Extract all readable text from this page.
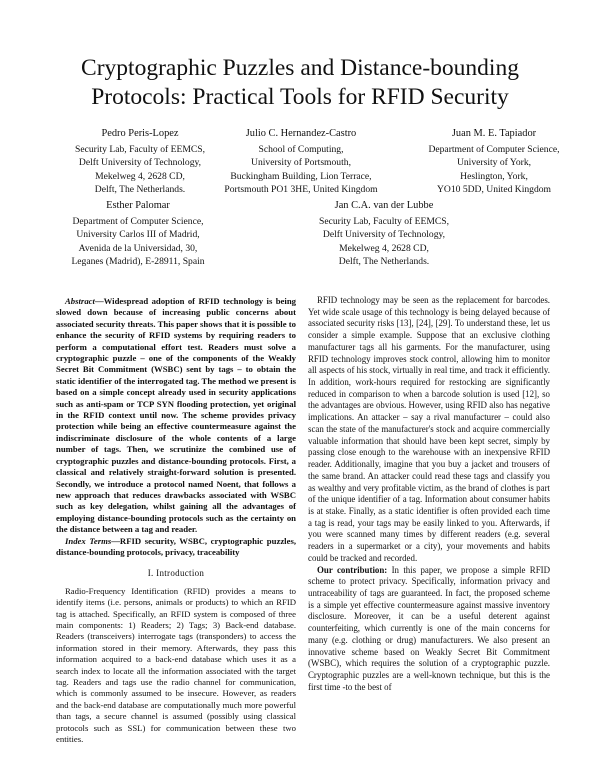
Cryptographic Puzzles and Distance-bounding
Protocols: Practical Tools for RFID Security
Pedro Peris-Lopez
Security Lab, Faculty of EEMCS,
Delft University of Technology,
Mekelweg 4, 2628 CD,
Delft, The Netherlands.
Julio C. Hernandez-Castro
School of Computing,
University of Portsmouth,
Buckingham Building, Lion Terrace,
Portsmouth PO1 3HE, United Kingdom
Juan M. E. Tapiador
Department of Computer Science,
University of York,
Heslington, York,
YO10 5DD, United Kingdom
Esther Palomar
Department of Computer Science,
University Carlos III of Madrid,
Avenida de la Universidad, 30,
Leganes (Madrid), E-28911, Spain
Jan C.A. van der Lubbe
Security Lab, Faculty of EEMCS,
Delft University of Technology,
Mekelweg 4, 2628 CD,
Delft, The Netherlands.

Abstract—Widespread adoption of RFID technology is being slowed down because of increasing public concerns about associated security threats. This paper shows that it is possible to enhance the security of RFID systems by requiring readers to perform a computational effort test. Readers must solve a cryptographic puzzle – one of the components of the Weakly Secret Bit Commitment (WSBC) sent by tags – to obtain the static identifier of the interrogated tag. The method we present is based on a simple concept already used in security applications such as anti-spam or TCP SYN flooding protection, yet original in the RFID context until now. The scheme provides privacy protection while being an effective countermeasure against the indiscriminate disclosure of the whole contents of a large number of tags. Then, we scrutinize the combined use of cryptographic puzzles and distance-bounding protocols. First, a classical and relatively straight-forward solution is presented. Secondly, we introduce a protocol named Noent, that follows a new approach that reduces drawbacks associated with WSBC such as key delegation, whilst gaining all the advantages of employing distance-bounding protocols such as the certainty on the distance between a tag and reader.

Index Terms—RFID security, WSBC, cryptographic puzzles, distance-bounding protocols, privacy, traceability

I. Introduction

Radio-Frequency Identification (RFID) provides a means to identify items (i.e. persons, animals or products) to which an RFID tag is attached. Specifically, an RFID system is composed of three main components: 1) Readers; 2) Tags; 3) Back-end database. Readers (transceivers) interrogate tags (transponders) to access the information stored in their memory. Afterwards, they pass this information acquired to a back-end database which uses it as a search index to locate all the information associated with the target tag. Readers and tags use the radio channel for communication, which is commonly assumed to be insecure. However, as readers and the back-end database are computationally much more powerful than tags, a secure channel is assumed (possibly using classical protocols such as SSL) for communication between these two entities.

RFID technology may be seen as the replacement for barcodes. Yet wide scale usage of this technology is being delayed because of associated security risks [13], [24], [29]. To understand these, let us consider a simple example. Suppose that an exclusive clothing manufacturer tags all his garments. For the manufacturer, using RFID technology improves stock control, allowing him to monitor all aspects of his stock, virtually in real time, and track it efficiently. In addition, work-hours required for restocking are significantly reduced in comparison to when a barcode solution is used [12], so the advantages are obvious. However, using RFID also has negative implications. An attacker – say a rival manufacturer – could also scan the state of the manufacturer's stock and acquire commercially valuable information that should have been kept secret, simply by passing close enough to the warehouse with an inexpensive RFID reader. Additionally, imagine that you buy a jacket and trousers of the same brand. An attacker could read these tags and classify you as wealthy and very profitable victim, as the brand of clothes is part of the unique identifier of a tag. Information about consumer habits is at stake. Finally, as a static identifier is often provided each time a tag is read, your tags may be easily linked to you. Afterwards, if you were scanned many times by different readers (e.g. several readers in a supermarket or a city), your movements and habits could be tracked and recorded.

Our contribution: In this paper, we propose a simple RFID scheme to protect privacy. Specifically, information privacy and untraceability of tags are guaranteed. In fact, the proposed scheme is a simple yet effective countermeasure against massive inventory disclosure. Moreover, it can be a useful deterent against counterfeiting, which currently is one of the main concerns for many (e.g. clothing or drug) manufacturers. We also present an innovative scheme based on Weakly Secret Bit Commitment (WSBC), which requires the solution of a cryptographic puzzle. Cryptographic puzzles are a well-known technique, but this is the first time -to the best of
